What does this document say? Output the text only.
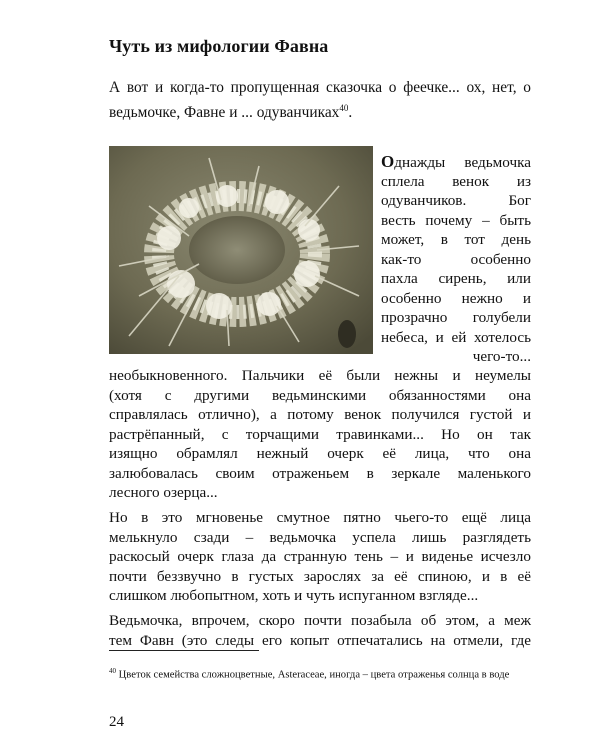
Чуть из мифологии Фавна
А вот и когда-то пропущенная сказочка о феечке... ох, нет, о ведьмочке, Фавне и ... одуванчиках$^{40}$.
Однажды ведьмочка
сплела венок из
одуванчиков. Бог
весть почему – быть
может, в тот день
как-то особенно
пахла сирень, или
особенно нежно и
прозрачно голубели
небеса, и ей хотелось
чего-то...
необыкновенного. Пальчики её были нежны и неумелы
(хотя с другими ведьминскими обязанностями она
справлялась отлично), а потому венок получился густой и
растрёпанный, с торчащими травинками... Но он так
изящно обрамлял нежный очерк её лица, что она
залюбовалась своим отраженьем в зеркале маленького
лесного озерца...
Но в это мгновенье смутное пятно чьего-то ещё лица
мелькнуло сзади – ведьмочка успела лишь разглядеть
раскосый очерк глаза да странную тень – и виденье исчезло
почти беззвучно в густых зарослях за её спиною, и в её
слишком любопытном, хоть и чуть испуганном взгляде...
Ведьмочка, впрочем, скоро почти позабыла об этом, а меж
тем Фавн (это следы его копыт отпечатались на отмели, где
$^{40}$ Цветок семейства сложноцветные, Asteraceae, иногда – цвета отраженья солнца в воде
24
